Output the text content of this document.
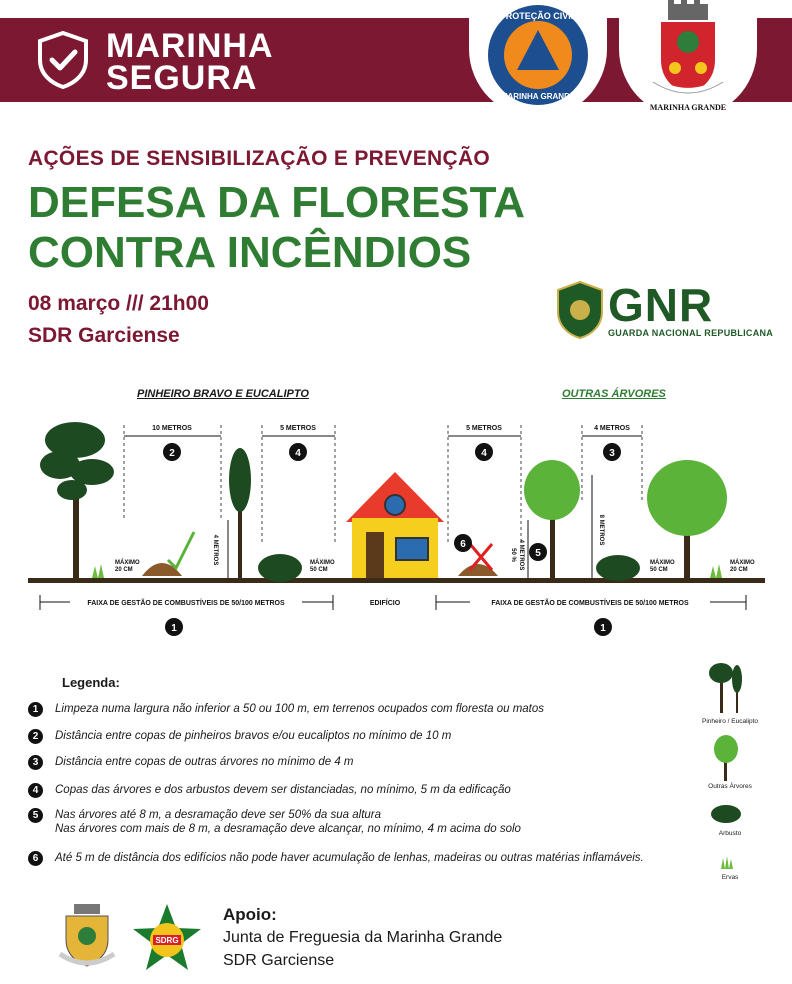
MARINHA
SEGURA
PROTEÇÃO CIVIL
MARINHA GRANDE
MARINHA GRANDE
AÇÕES DE SENSIBILIZAÇÃO E PREVENÇÃO
DEFESA DA FLORESTA
CONTRA INCÊNDIOS
08 março /// 21h00
SDR Garciense
GNR
GUARDA NACIONAL REPUBLICANA
PINHEIRO BRAVO E EUCALIPTO	OUTRAS ÁRVORES
10 METROS	5 METROS	5 METROS	4 METROS
4 METROS
8 METROS
50 % 4 METROS
MÁXIMO
20 CM
MÁXIMO
50 CM
MÁXIMO
50 CM
MÁXIMO
20 CM
FAIXA DE GESTÃO DE COMBUSTÍVEIS DE 50/100 METROS	EDIFÍCIO	FAIXA DE GESTÃO DE COMBUSTÍVEIS DE 50/100 METROS
2	4	4	3
6
5
1	1
Legenda:
1 Limpeza numa largura não inferior a 50 ou 100 m, em terrenos ocupados com floresta ou matos
2 Distância entre copas de pinheiros bravos e/ou eucaliptos no mínimo de 10 m
3 Distância entre copas de outras árvores no mínimo de 4 m
4 Copas das árvores e dos arbustos devem ser distanciadas, no mínimo, 5 m da edificação
5 Nas árvores até 8 m, a desramação deve ser 50% da sua altura
Nas árvores com mais de 8 m, a desramação deve alcançar, no mínimo, 4 m acima do solo
6 Até 5 m de distância dos edifícios não pode haver acumulação de lenhas, madeiras ou outras matérias inflamáveis.
Pinheiro / Eucalipto
Outras Árvores
Arbusto
Ervas
SDRG
Apoio:
Junta de Freguesia da Marinha Grande
SDR Garciense
